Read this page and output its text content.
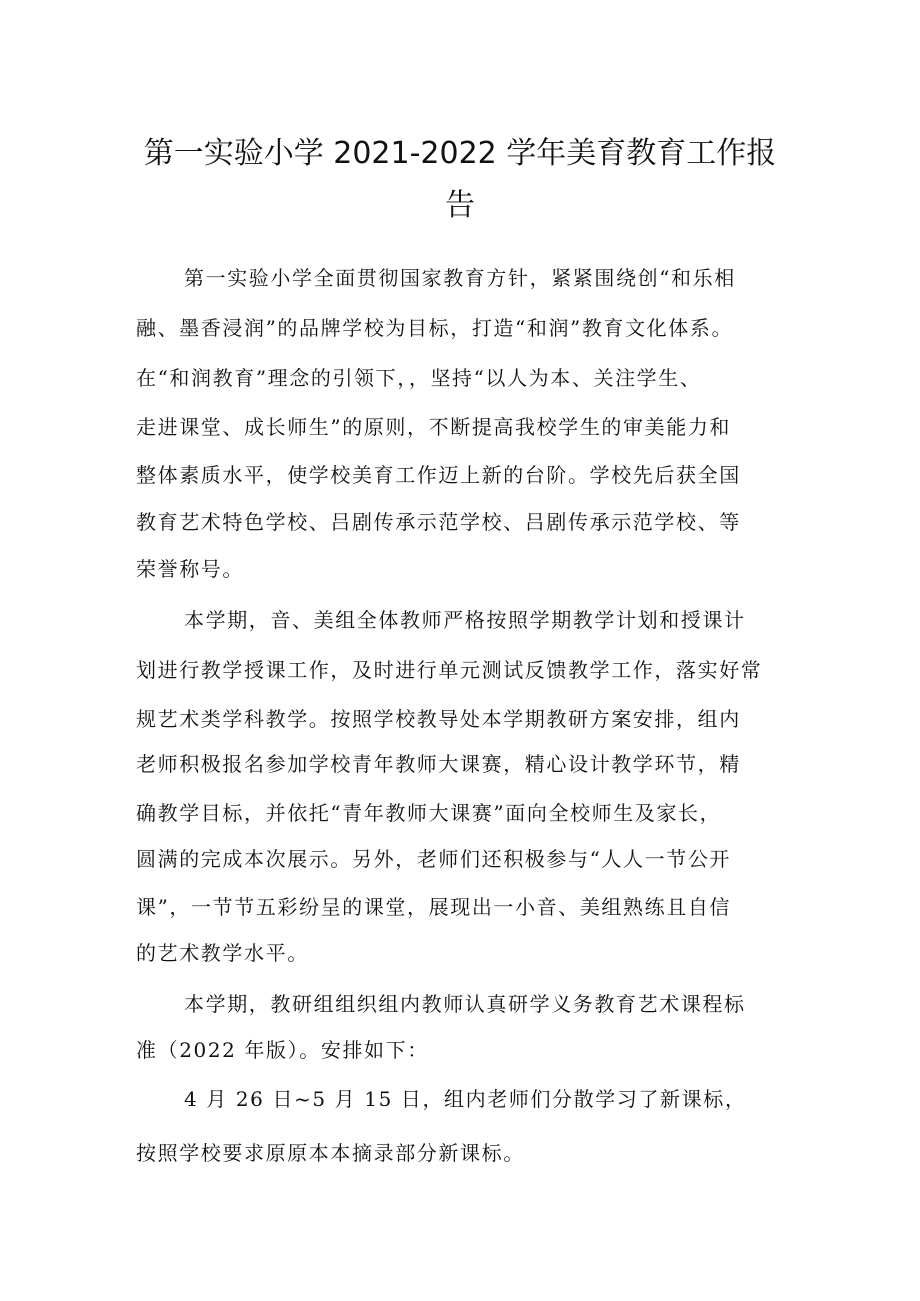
第一实验小学 2021-2022 学年美育教育工作报
告
第一实验小学全面贯彻国家教育方针，紧紧围绕创“和乐相
融、墨香浸润”的品牌学校为目标，打造“和润”教育文化体系。
在“和润教育”理念的引领下，，坚持“以人为本、关注学生、
走进课堂、成长师生”的原则，不断提高我校学生的审美能力和
整体素质水平，使学校美育工作迈上新的台阶。学校先后获全国
教育艺术特色学校、吕剧传承示范学校、吕剧传承示范学校、等
荣誉称号。
本学期，音、美组全体教师严格按照学期教学计划和授课计
划进行教学授课工作，及时进行单元测试反馈教学工作，落实好常
规艺术类学科教学。按照学校教导处本学期教研方案安排，组内
老师积极报名参加学校青年教师大课赛，精心设计教学环节，精
确教学目标，并依托“青年教师大课赛”面向全校师生及家长，
圆满的完成本次展示。另外，老师们还积极参与“人人一节公开
课”，一节节五彩纷呈的课堂，展现出一小音、美组熟练且自信
的艺术教学水平。
本学期，教研组组织组内教师认真研学义务教育艺术课程标
准（2022 年版）。安排如下：
4 月 26 日~5 月 15 日，组内老师们分散学习了新课标，
按照学校要求原原本本摘录部分新课标。
